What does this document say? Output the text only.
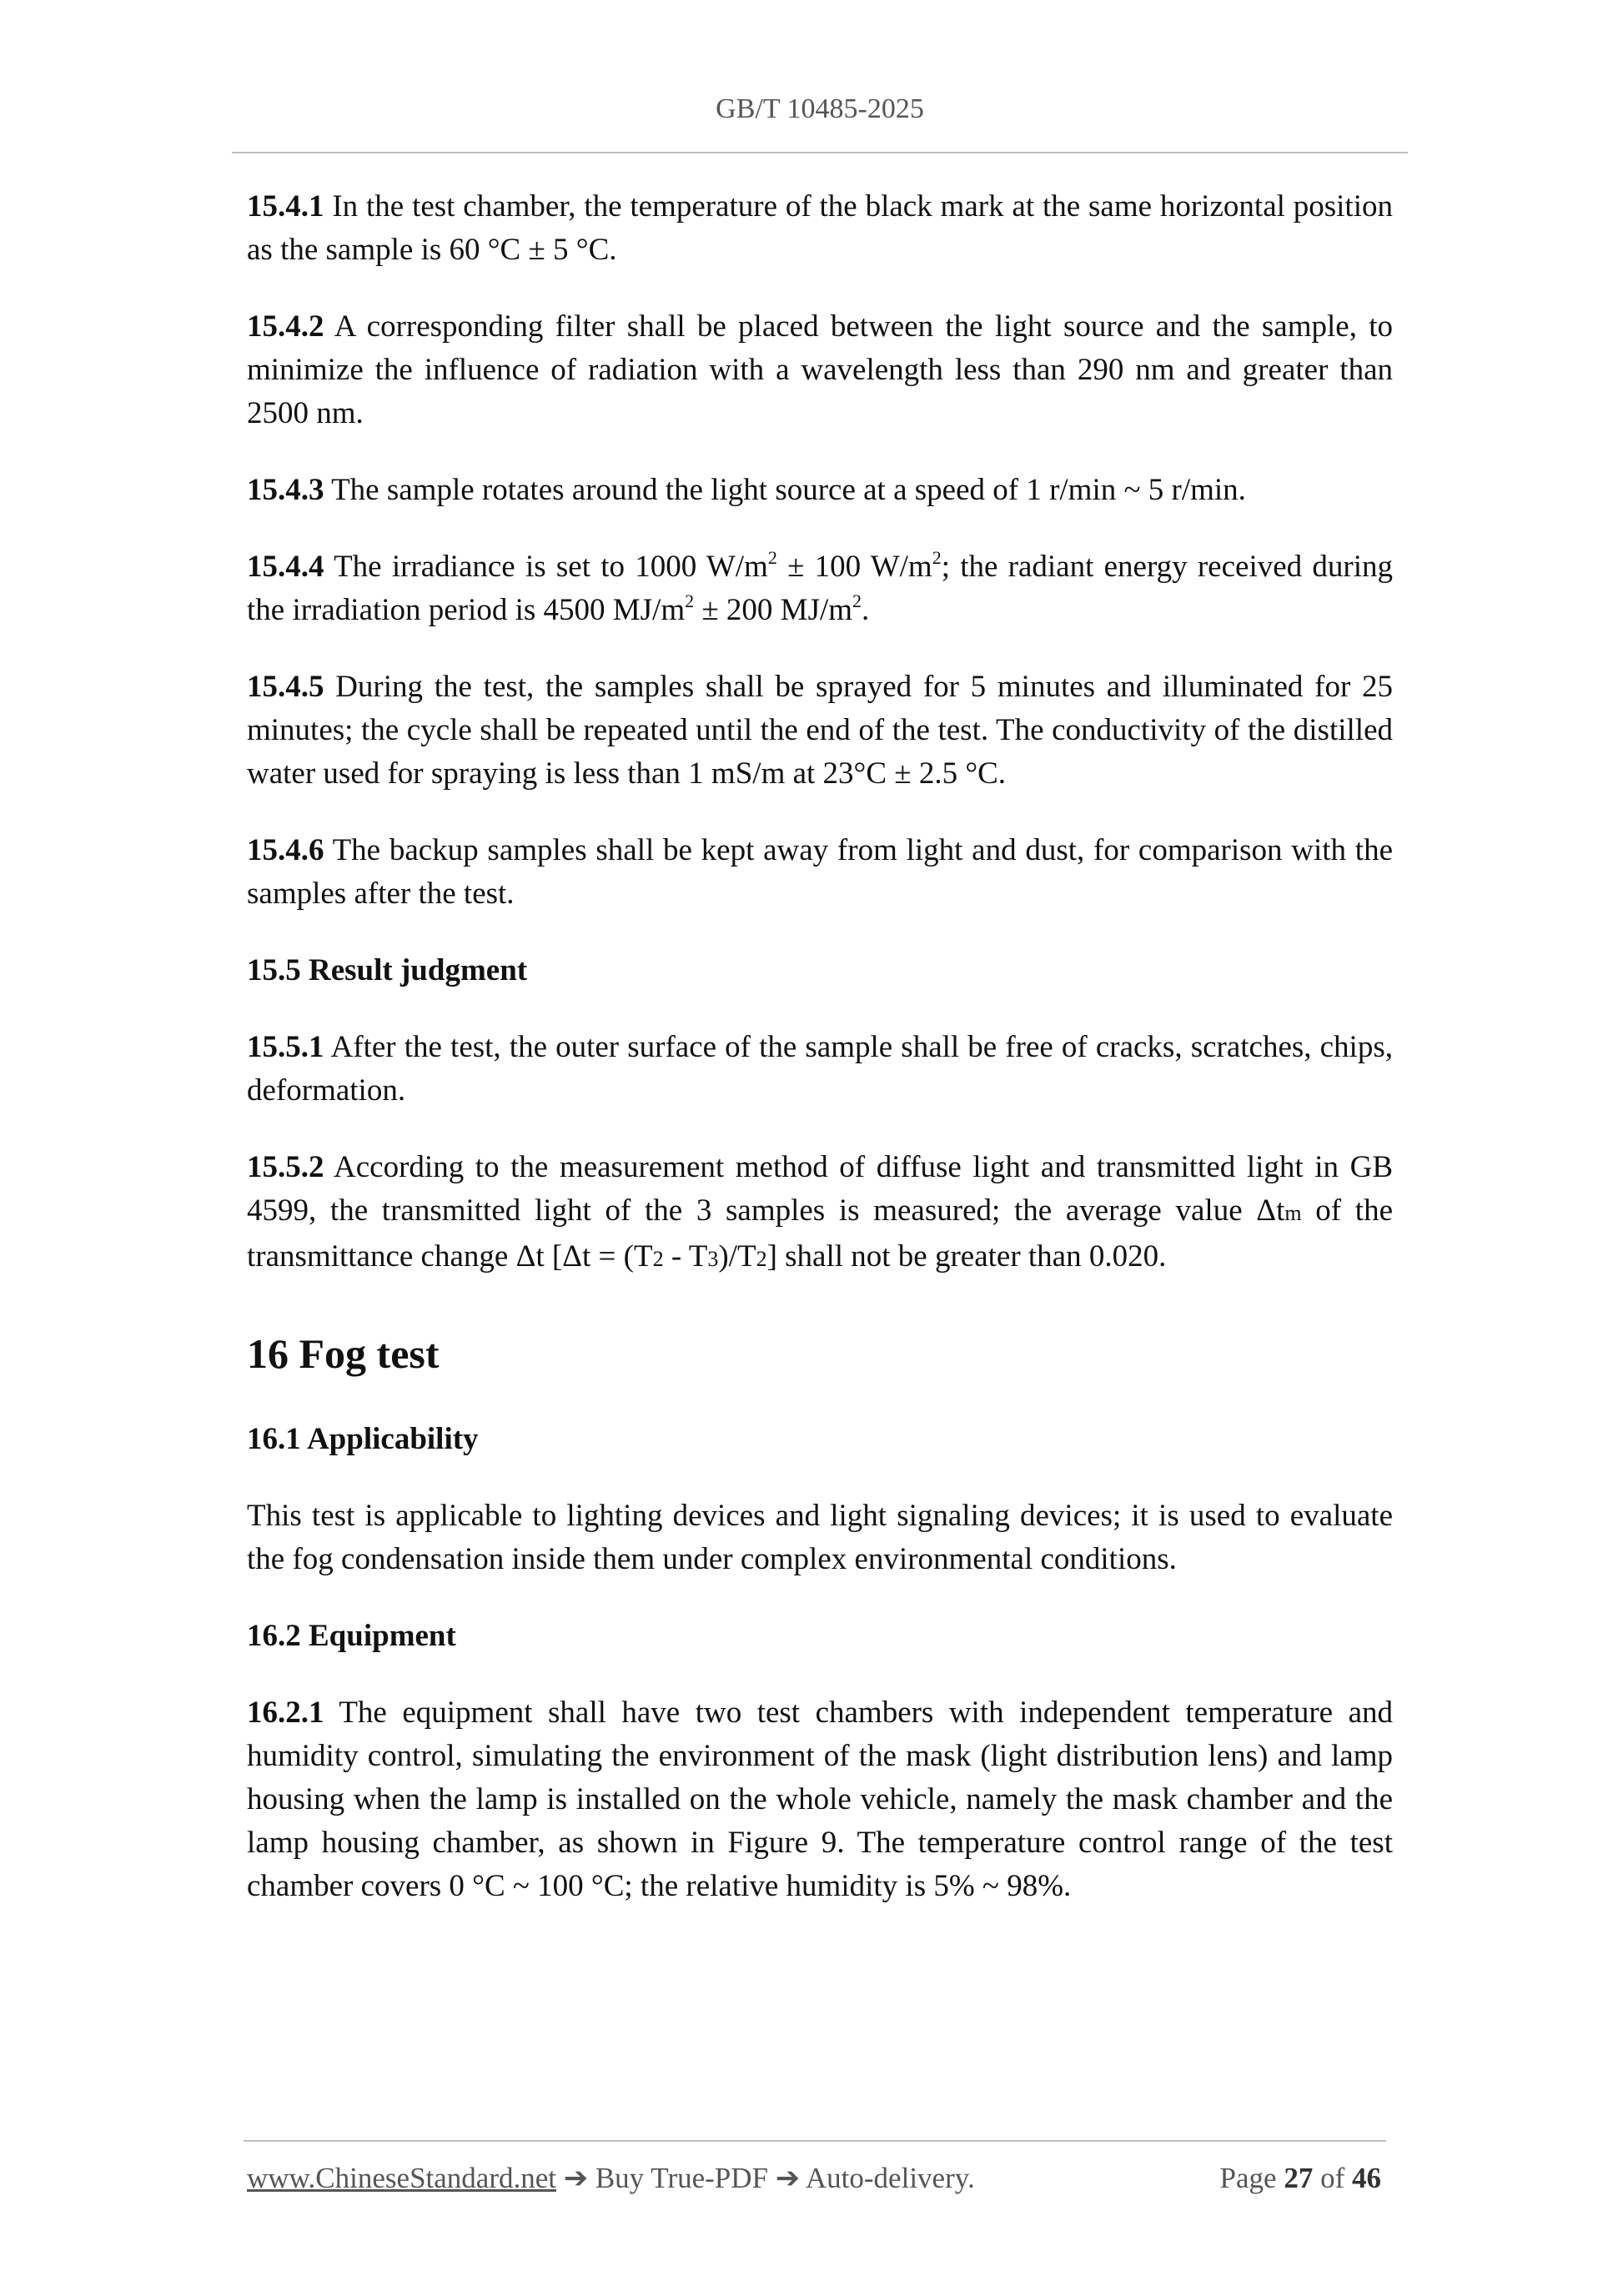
GB/T 10485-2025

15.4.1 In the test chamber, the temperature of the black mark at the same horizontal position as the sample is 60 °C ± 5 °C.

15.4.2 A corresponding filter shall be placed between the light source and the sample, to minimize the influence of radiation with a wavelength less than 290 nm and greater than 2500 nm.

15.4.3 The sample rotates around the light source at a speed of 1 r/min ~ 5 r/min.

15.4.4 The irradiance is set to 1000 $W/m^2 \pm 100$ $W/m^2$; the radiant energy received during the irradiation period is 4500 $MJ/m^2 \pm 200$ $MJ/m^2$.

15.4.5 During the test, the samples shall be sprayed for 5 minutes and illuminated for 25 minutes; the cycle shall be repeated until the end of the test. The conductivity of the distilled water used for spraying is less than 1 mS/m at 23°C ± 2.5 °C.

15.4.6 The backup samples shall be kept away from light and dust, for comparison with the samples after the test.

15.5 Result judgment

15.5.1 After the test, the outer surface of the sample shall be free of cracks, scratches, chips, deformation.

15.5.2 According to the measurement method of diffuse light and transmitted light in GB 4599, the transmitted light of the 3 samples is measured; the average value Δtm of the transmittance change Δt [Δt = (T2 - T3)/T2] shall not be greater than 0.020.

16 Fog test

16.1 Applicability

This test is applicable to lighting devices and light signaling devices; it is used to evaluate the fog condensation inside them under complex environmental conditions.

16.2 Equipment

16.2.1 The equipment shall have two test chambers with independent temperature and humidity control, simulating the environment of the mask (light distribution lens) and lamp housing when the lamp is installed on the whole vehicle, namely the mask chamber and the lamp housing chamber, as shown in Figure 9. The temperature control range of the test chamber covers 0 °C ~ 100 °C; the relative humidity is 5% ~ 98%.

www.ChineseStandard.net ➔ Buy True-PDF ➔ Auto-delivery.	Page 27 of 46
